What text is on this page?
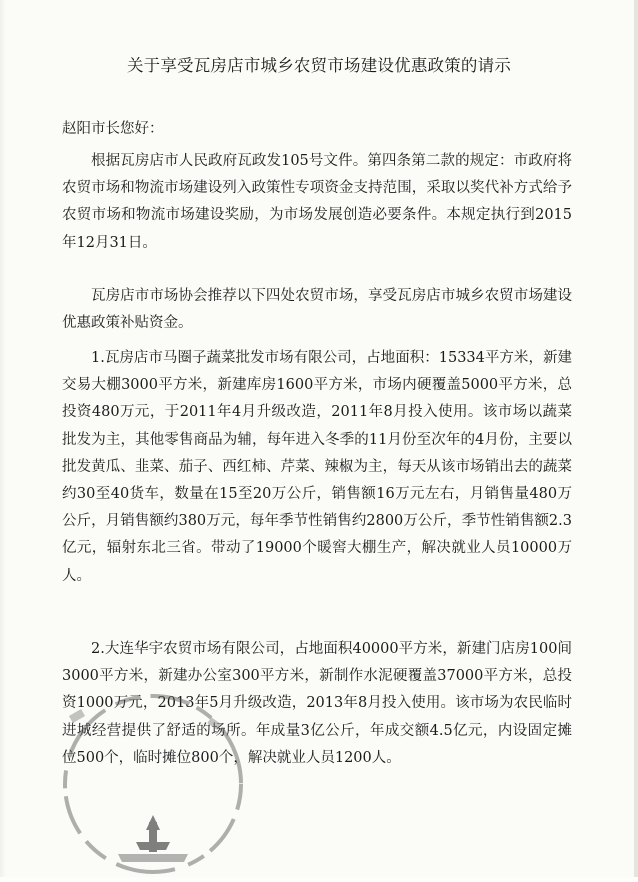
关于享受瓦房店市城乡农贸市场建设优惠政策的请示
赵阳市长您好：

根据瓦房店市人民政府瓦政发105号文件。第四条第二款的规定：市政府将农贸市场和物流市场建设列入政策性专项资金支持范围，采取以奖代补方式给予农贸市场和物流市场建设奖励，为市场发展创造必要条件。本规定执行到2015年12月31日。

瓦房店市市场协会推荐以下四处农贸市场，享受瓦房店市城乡农贸市场建设优惠政策补贴资金。

1.瓦房店市马圈子蔬菜批发市场有限公司，占地面积：15334平方米，新建交易大棚3000平方米，新建库房1600平方米，市场内硬覆盖5000平方米，总投资480万元，于2011年4月升级改造，2011年8月投入使用。该市场以蔬菜批发为主，其他零售商品为辅，每年进入冬季的11月份至次年的4月份，主要以批发黄瓜、韭菜、茄子、西红柿、芹菜、辣椒为主，每天从该市场销出去的蔬菜约30至40货车，数量在15至20万公斤，销售额16万元左右，月销售量480万公斤，月销售额约380万元，每年季节性销售约2800万公斤，季节性销售额2.3亿元，辐射东北三省。带动了19000个暖窖大棚生产，解决就业人员10000万人。

2.大连华宇农贸市场有限公司，占地面积40000平方米，新建门店房100间3000平方米，新建办公室300平方米，新制作水泥硬覆盖37000平方米，总投资1000万元，2013年5月升级改造，2013年8月投入使用。该市场为农民临时进城经营提供了舒适的场所。年成量3亿公斤，年成交额4.5亿元，内设固定摊位500个，临时摊位800个，解决就业人员1200人。
